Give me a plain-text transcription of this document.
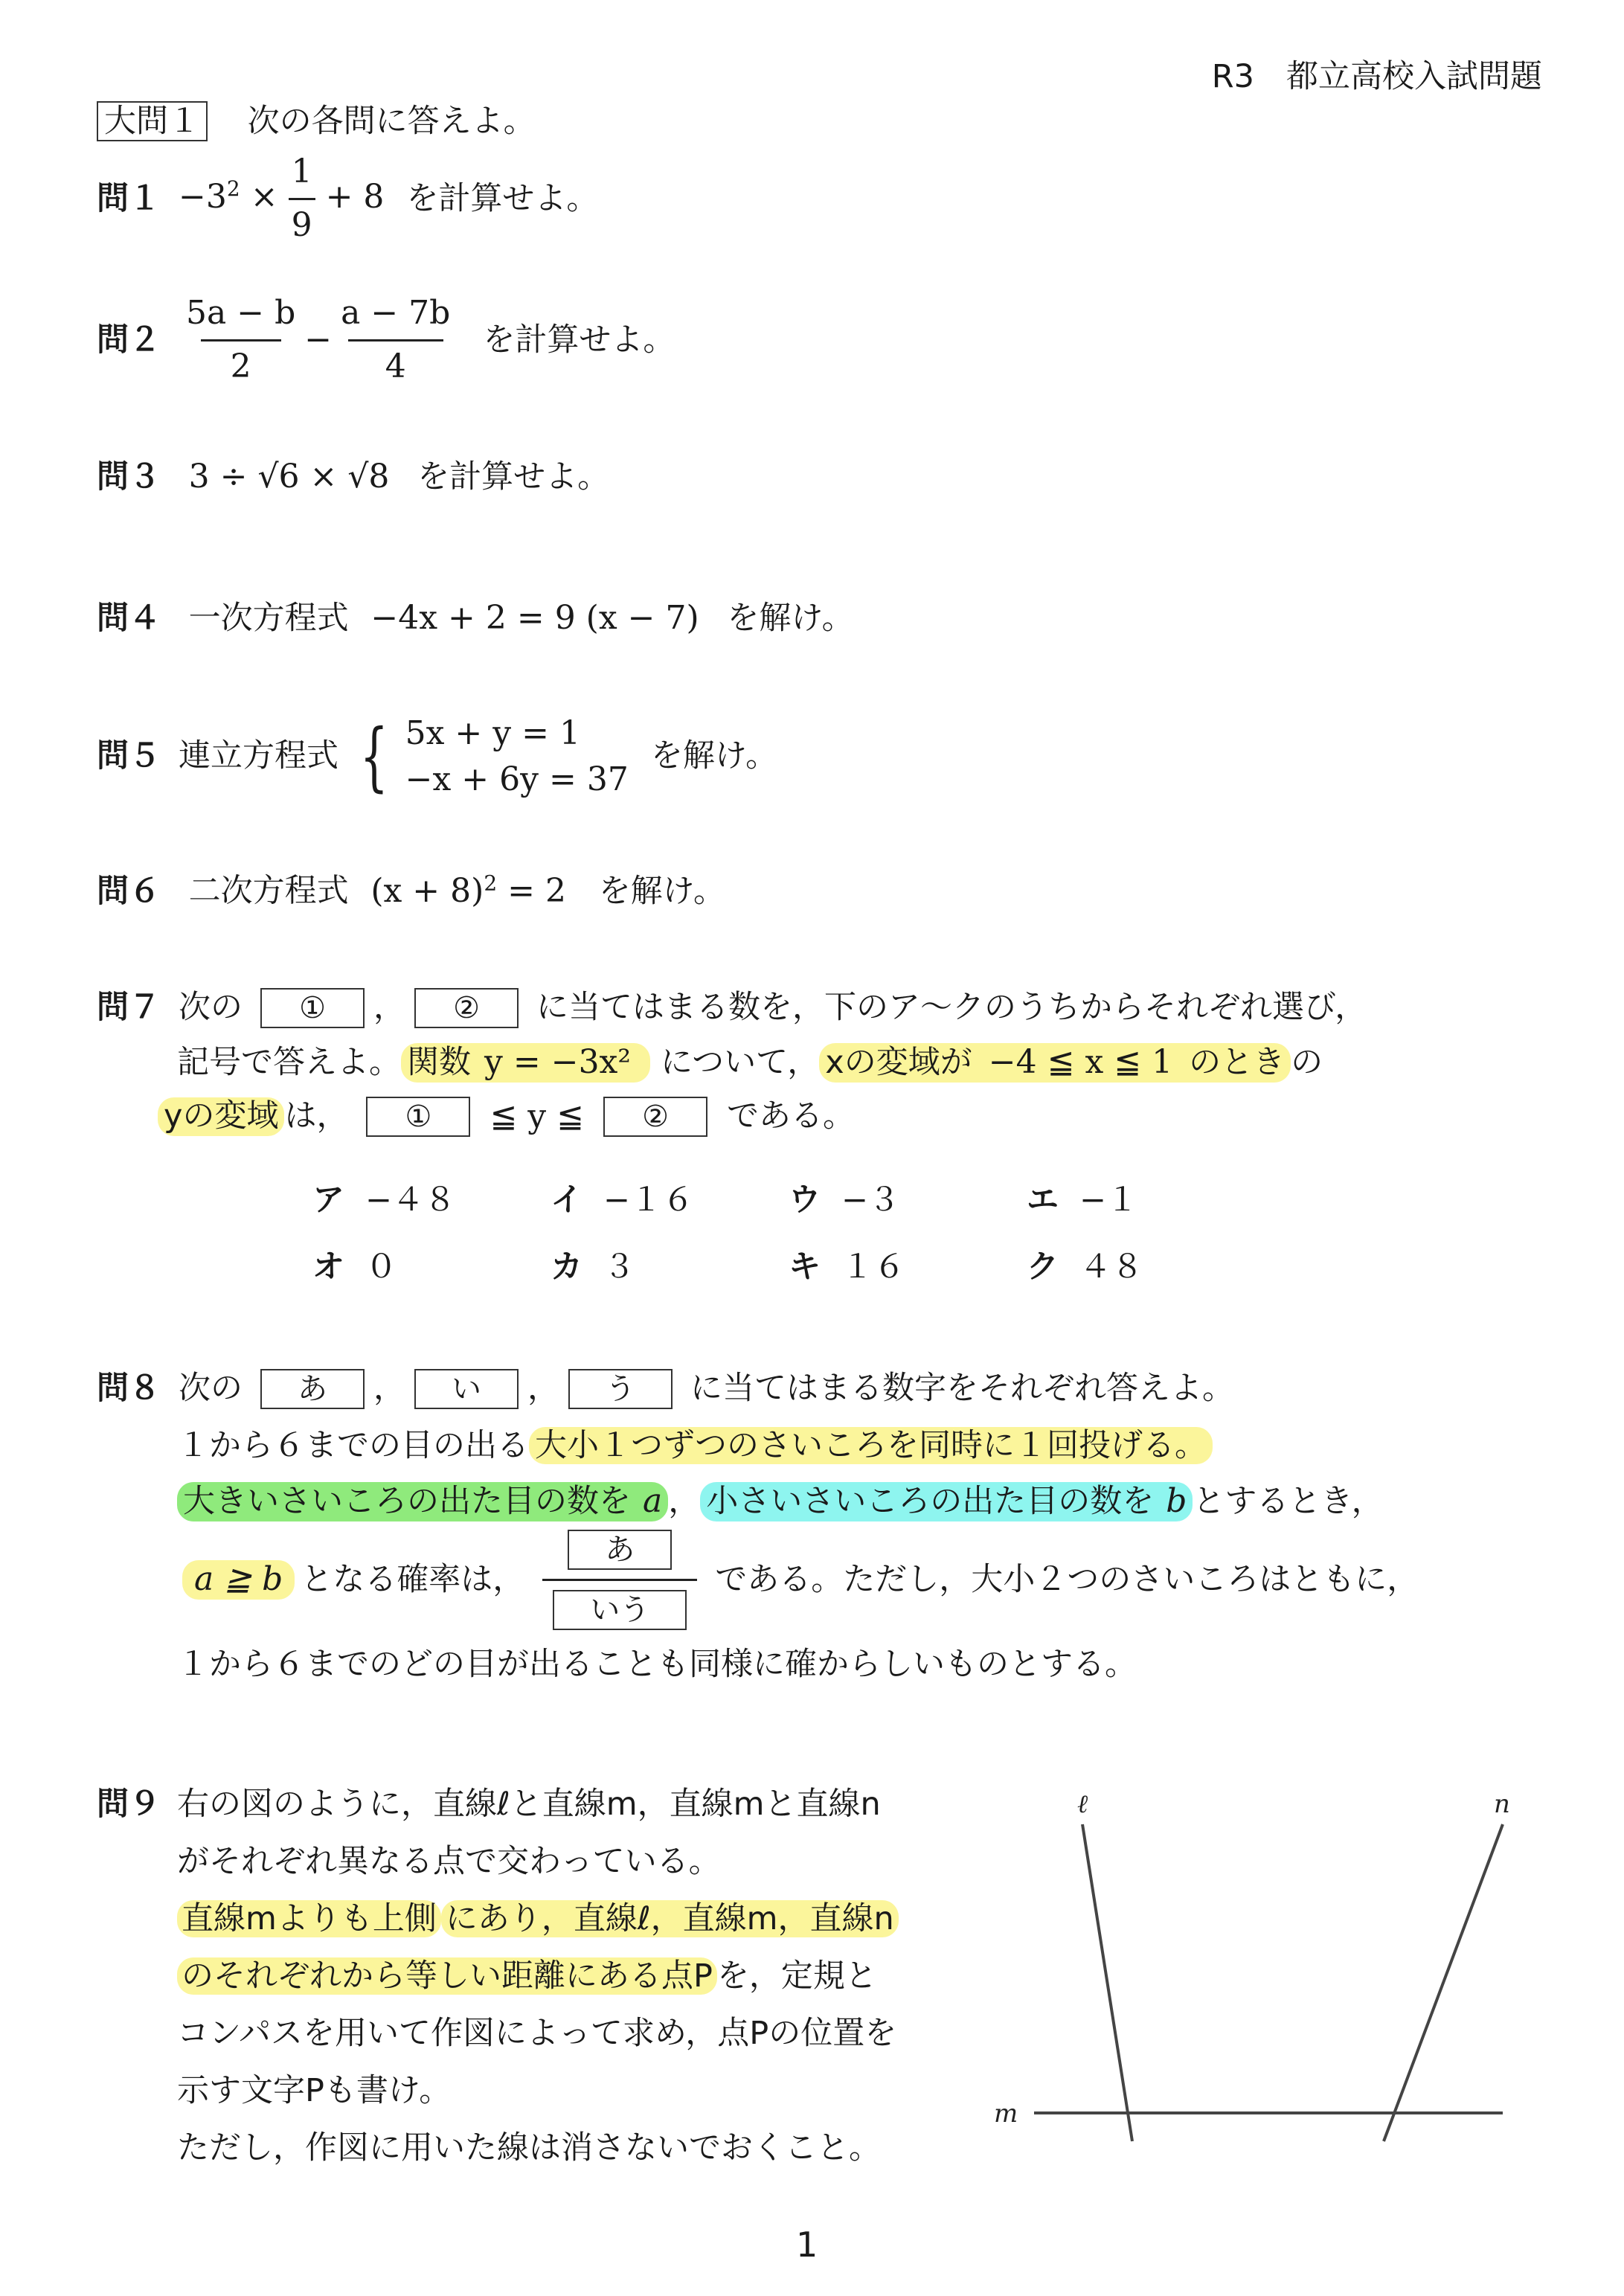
R3　都立高校入試問題
大問１ 次の各問に答えよ。
問$1 -3^2 \times \frac{1}{9} + 8$ を計算せよ。
問$2 \frac{5a - b}{2} - \frac{a - 7b}{4}$ を計算せよ。
問３ 3 ÷ √6 × √8 を計算せよ。
問４ 一次方程式 −4x + 2 = 9 (x − 7) を解け。
問５ 連立方程式 { 5x + y = 1
−x + 6y = 37
を解け。
問６ 二次方程式 $(x + 8)^2 = 2$ を解け。
問７ 次の	①	，	②	に当てはまる数を，下のア〜クのうちからそれぞれ選び，
記号で答えよ。 関数 y = −3x² について， xの変域が −4 ≦ x ≦ 1 のとき の
yの変域 は，	①	≦ y ≦	②	である。
ア −４８	イ −１６	ウ −３	エ −１
オ ０	カ ３	キ １６	ク ４８
問８ 次の	あ	，	い	，	う	に当てはまる数字をそれぞれ答えよ。
１から６までの目の出る 大小１つずつのさいころを同時に１回投げる。
大きいさいころの出た目の数を a ， 小さいさいころの出た目の数を b とするとき，
a ≧ b となる確率は， $\frac{\text{あ}}{\text{いう}}$ である。ただし，大小２つのさいころはともに，
１から６までのどの目が出ることも同様に確からしいものとする。
問９ 右の図のように，直線ℓと直線m，直線mと直線n
がそれぞれ異なる点で交わっている。
直線mよりも上側 にあり，直線ℓ，直線m，直線n
のそれぞれから等しい距離にある点P を，定規と
コンパスを用いて作図によって求め，点Pの位置を
示す文字Pも書け。
ただし，作図に用いた線は消さないでおくこと。
ℓ	n
m
1
